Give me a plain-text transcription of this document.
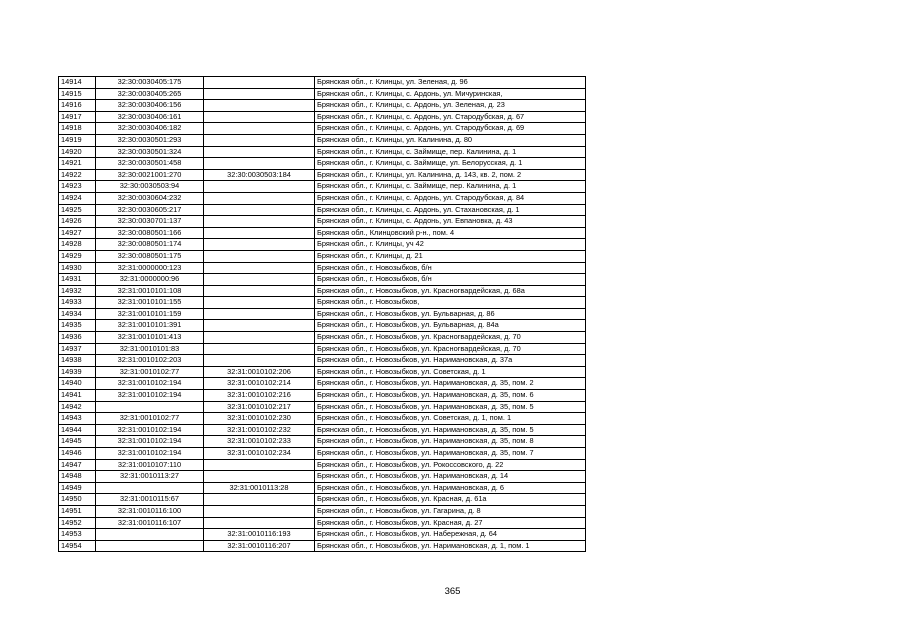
14914	32:30:0030405:175		Брянская обл., г. Клинцы, ул. Зеленая, д. 96
14915	32:30:0030405:265		Брянская обл., г. Клинцы, с. Ардонь, ул. Мичуринская,
14916	32:30:0030406:156		Брянская обл., г. Клинцы, с. Ардонь, ул. Зеленая, д. 23
14917	32:30:0030406:161		Брянская обл., г. Клинцы, с. Ардонь, ул. Стародубская, д. 67
14918	32:30:0030406:182		Брянская обл., г. Клинцы, с. Ардонь, ул. Стародубская, д. 69
14919	32:30:0030501:293		Брянская обл., г. Клинцы, ул. Калинина, д. 80
14920	32:30:0030501:324		Брянская обл., г. Клинцы, с. Займище, пер. Калинина, д. 1
14921	32:30:0030501:458		Брянская обл., г. Клинцы, с. Займище, ул. Белорусская, д. 1
14922	32:30:0021001:270	32:30:0030503:184	Брянская обл., г. Клинцы, ул. Калинина, д. 143, кв. 2, пом. 2
14923	32:30:0030503:94		Брянская обл., г. Клинцы, с. Займище, пер. Калинина, д. 1
14924	32:30:0030604:232		Брянская обл., г. Клинцы, с. Ардонь, ул. Стародубская, д. 84
14925	32:30:0030605:217		Брянская обл., г. Клинцы, с. Ардонь, ул. Стахановская, д. 1
14926	32:30:0030701:137		Брянская обл., г. Клинцы, с. Ардонь, ул. Евпановка, д. 43
14927	32:30:0080501:166		Брянская обл., Клинцовский р-н., пом. 4
14928	32:30:0080501:174		Брянская обл., г. Клинцы, уч 42
14929	32:30:0080501:175		Брянская обл., г. Клинцы, д. 21
14930	32:31:0000000:123		Брянская обл., г. Новозыбков, б/н
14931	32:31:0000000:96		Брянская обл., г. Новозыбков, б/н
14932	32:31:0010101:108		Брянская обл., г. Новозыбков, ул. Красногвардейская, д. 68а
14933	32:31:0010101:155		Брянская обл., г. Новозыбков,
14934	32:31:0010101:159		Брянская обл., г. Новозыбков, ул. Бульварная, д. 86
14935	32:31:0010101:391		Брянская обл., г. Новозыбков, ул. Бульварная, д. 84а
14936	32:31:0010101:413		Брянская обл., г. Новозыбков, ул. Красногвардейская, д. 70
14937	32:31:0010101:83		Брянская обл., г. Новозыбков, ул. Красногвардейская, д. 70
14938	32:31:0010102:203		Брянская обл., г. Новозыбков, ул. Наримановская, д. 37а
14939	32:31:0010102:77	32:31:0010102:206	Брянская обл., г. Новозыбков, ул. Советская, д. 1
14940	32:31:0010102:194	32:31:0010102:214	Брянская обл., г. Новозыбков, ул. Наримановская, д. 35, пом. 2
14941	32:31:0010102:194	32:31:0010102:216	Брянская обл., г. Новозыбков, ул. Наримановская, д. 35, пом. 6
14942		32:31:0010102:217	Брянская обл., г. Новозыбков, ул. Наримановская, д. 35, пом. 5
14943	32:31:0010102:77	32:31:0010102:230	Брянская обл., г. Новозыбков, ул. Советская, д. 1, пом. 1
14944	32:31:0010102:194	32:31:0010102:232	Брянская обл., г. Новозыбков, ул. Наримановская, д. 35, пом. 5
14945	32:31:0010102:194	32:31:0010102:233	Брянская обл., г. Новозыбков, ул. Наримановская, д. 35, пом. 8
14946	32:31:0010102:194	32:31:0010102:234	Брянская обл., г. Новозыбков, ул. Наримановская, д. 35, пом. 7
14947	32:31:0010107:110		Брянская обл., г. Новозыбков, ул. Рокоссовского, д. 22
14948	32:31:0010113:27		Брянская обл., г. Новозыбков, ул. Наримановская, д. 14
14949		32:31:0010113:28	Брянская обл., г. Новозыбков, ул. Наримановская, д. 6
14950	32:31:0010115:67		Брянская обл., г. Новозыбков, ул. Красная, д. 61а
14951	32:31:0010116:100		Брянская обл., г. Новозыбков, ул. Гагарина, д. 8
14952	32:31:0010116:107		Брянская обл., г. Новозыбков, ул. Красная, д. 27
14953		32:31:0010116:193	Брянская обл., г. Новозыбков, ул. Набережная, д. 64
14954		32:31:0010116:207	Брянская обл., г. Новозыбков, ул. Наримановская, д. 1, пом. 1
365
